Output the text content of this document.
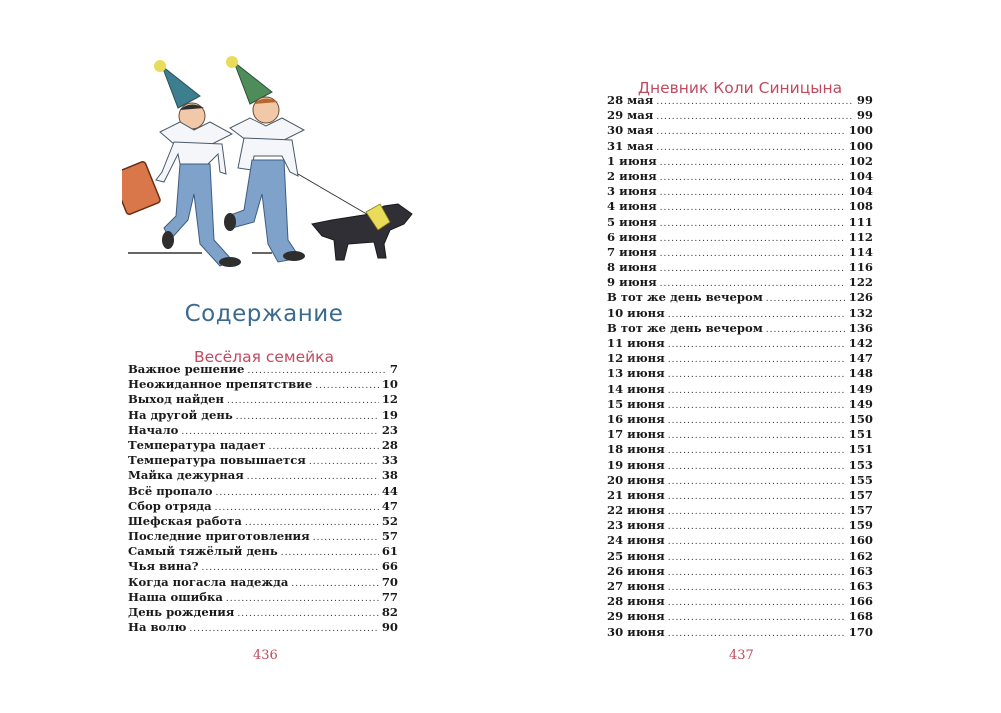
Содержание
Весёлая семейка
Важное решение .....	7
Неожиданное препятствие .....	10
Выход найден .....	12
На другой день .....	19
Начало .....	23
Температура падает .....	28
Температура повышается .....	33
Майка дежурная .....	38
Всё пропало .....	44
Сбор отряда .....	47
Шефская работа .....	52
Последние приготовления .....	57
Самый тяжёлый день .....	61
Чья вина? .....	66
Когда погасла надежда .....	70
Наша ошибка .....	77
День рождения .....	82
На волю .....	90
436
Дневник Коли Синицына
28 мая .....	99
29 мая .....	99
30 мая .....	100
31 мая .....	100
1 июня .....	102
2 июня .....	104
3 июня .....	104
4 июня .....	108
5 июня .....	111
6 июня .....	112
7 июня .....	114
8 июня .....	116
9 июня .....	122
В тот же день вечером .....	126
10 июня .....	132
В тот же день вечером .....	136
11 июня .....	142
12 июня .....	147
13 июня .....	148
14 июня .....	149
15 июня .....	149
16 июня .....	150
17 июня .....	151
18 июня .....	151
19 июня .....	153
20 июня .....	155
21 июня .....	157
22 июня .....	157
23 июня .....	159
24 июня .....	160
25 июня .....	162
26 июня .....	163
27 июня .....	163
28 июня .....	166
29 июня .....	168
30 июня .....	170
437
